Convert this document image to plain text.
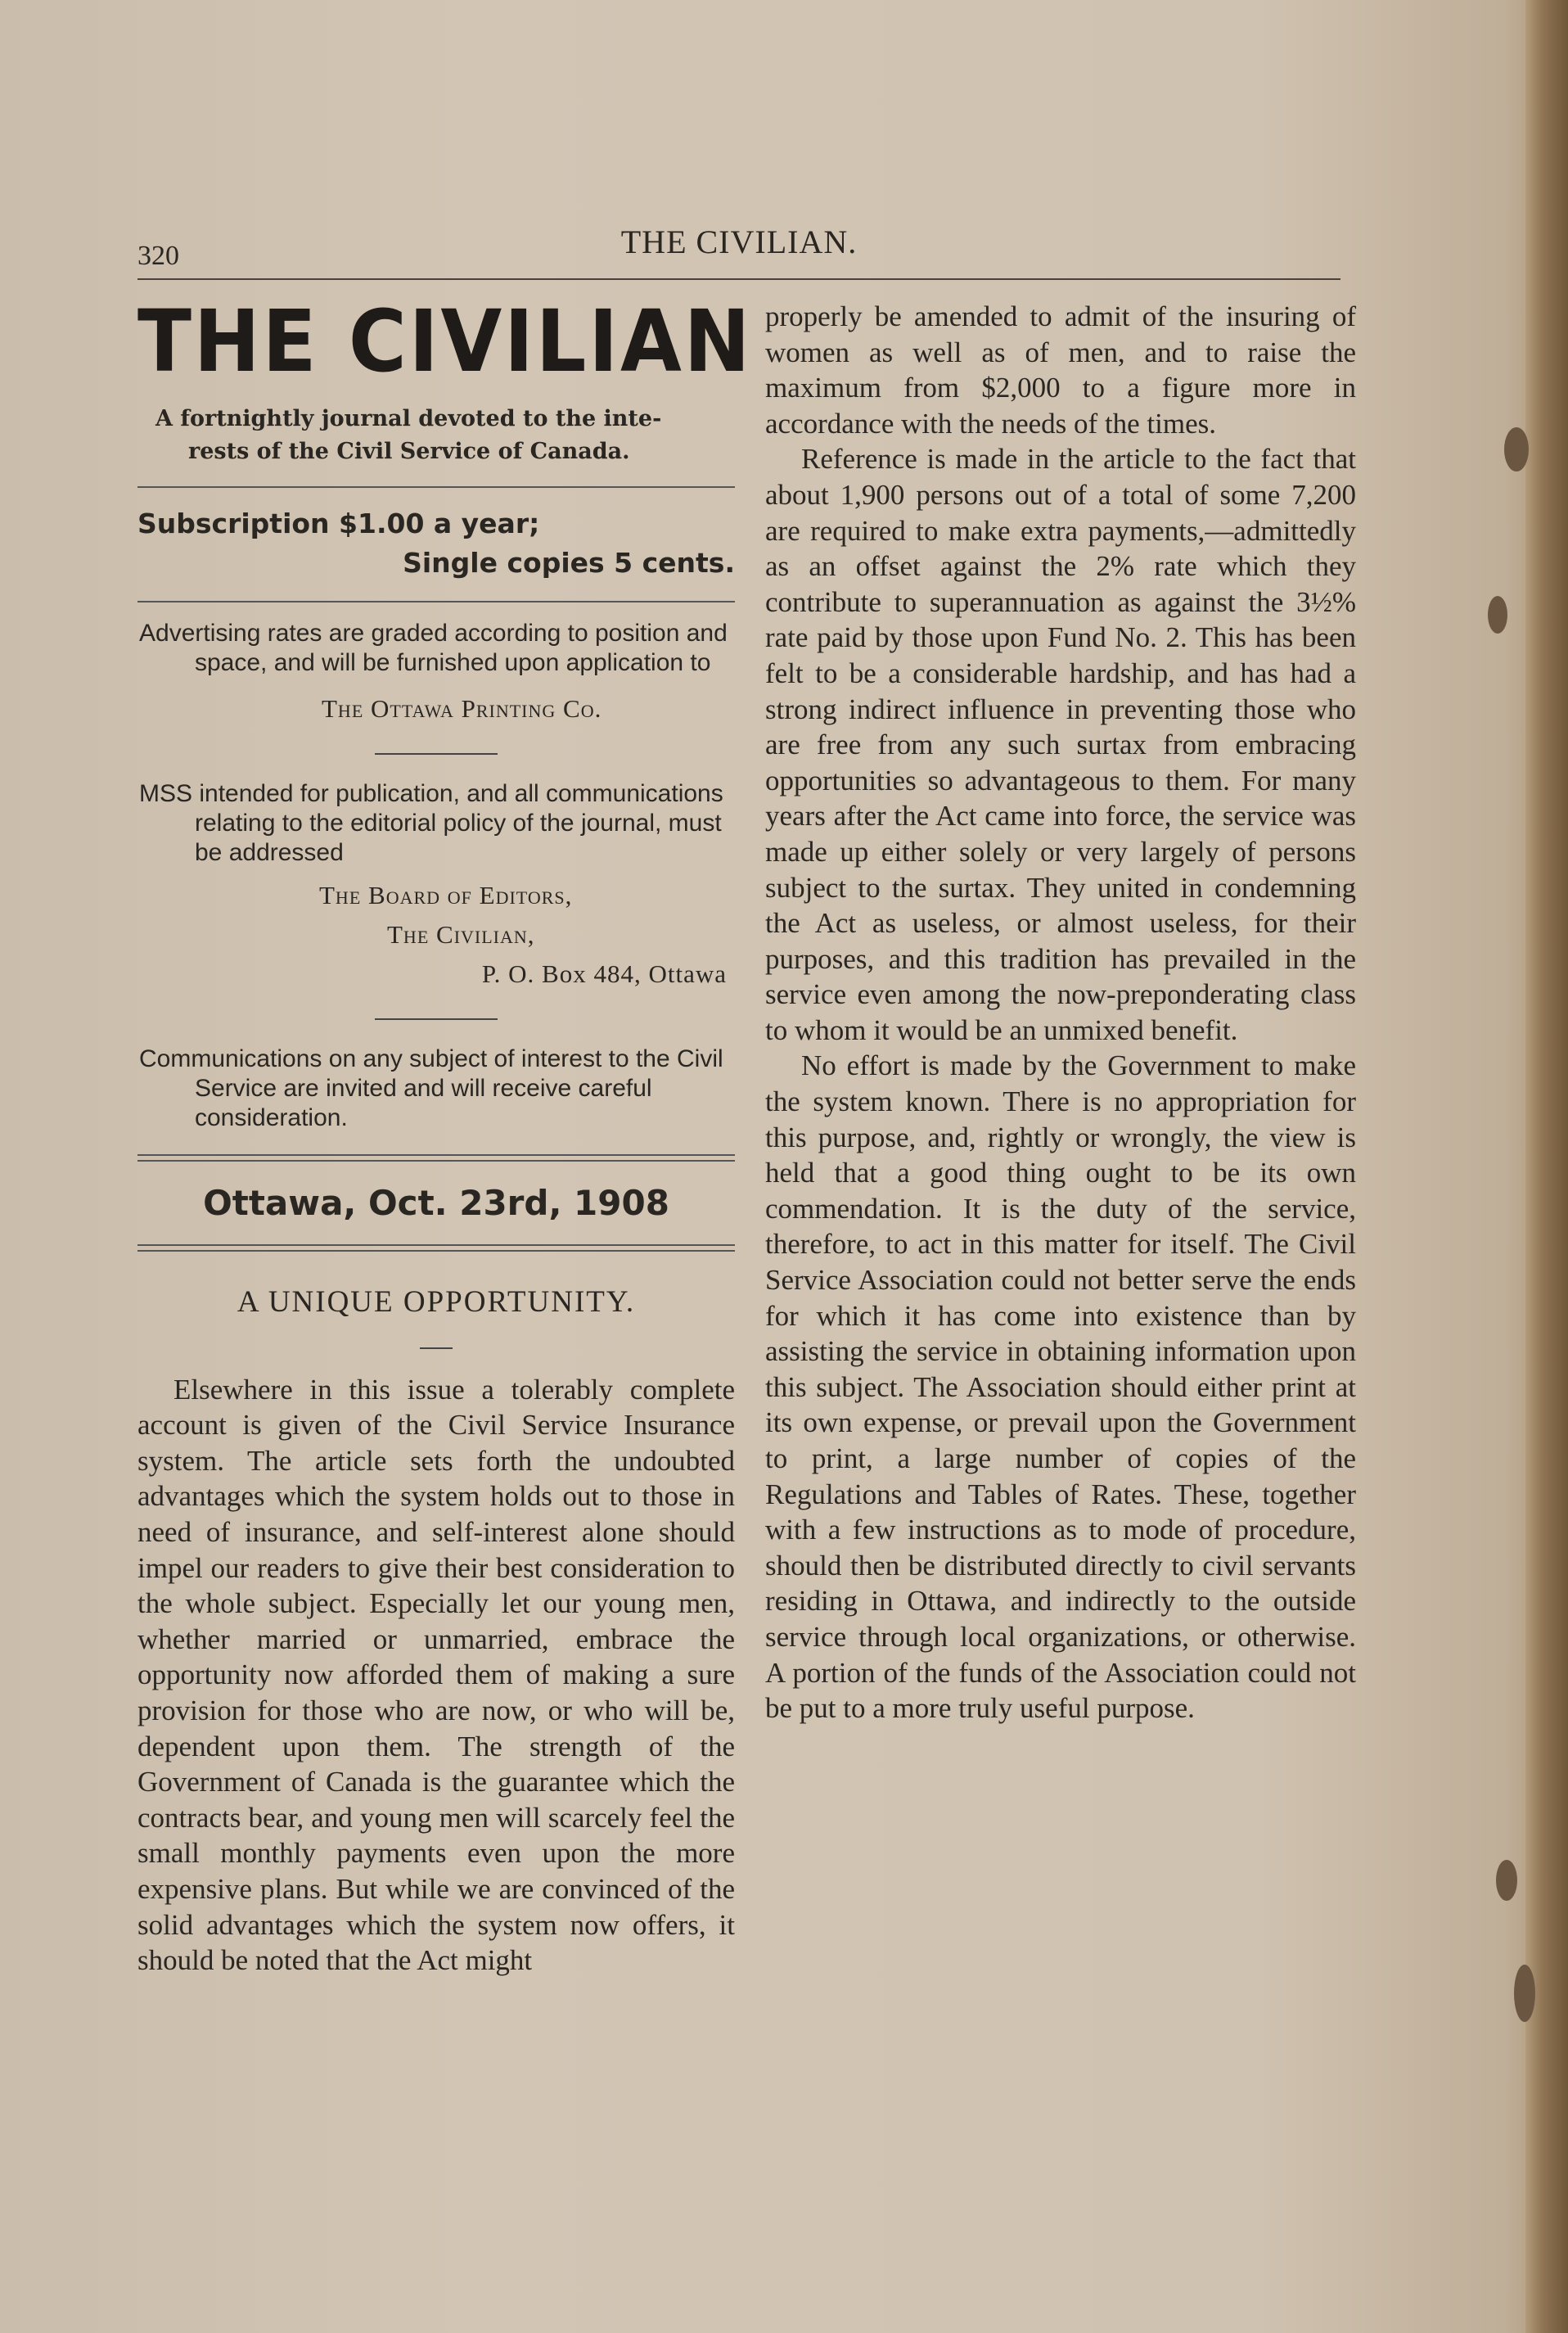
320	THE CIVILIAN.
THE CIVILIAN
A fortnightly journal devoted to the inte-
rests of the Civil Service of Canada.
Subscription $1.00 a year;
Single copies 5 cents.

Advertising rates are graded according to position and space, and will be furnished upon application to

The Ottawa Printing Co.

MSS intended for publication, and all communications relating to the editorial policy of the journal, must be addressed

The Board of Editors,
The Civilian,
P. O. Box 484, Ottawa

Communications on any subject of interest to the Civil Service are invited and will receive careful consideration.

Ottawa, Oct. 23rd, 1908
A UNIQUE OPPORTUNITY.

Elsewhere in this issue a tolerably complete account is given of the Civil Service Insurance system. The article sets forth the undoubted advantages which the system holds out to those in need of insurance, and self-interest alone should impel our readers to give their best consideration to the whole subject. Especially let our young men, whether married or unmarried, embrace the opportunity now afforded them of making a sure provision for those who are now, or who will be, dependent upon them. The strength of the Government of Canada is the guarantee which the contracts bear, and young men will scarcely feel the small monthly payments even upon the more expensive plans. But while we are convinced of the solid advantages which the system now offers, it should be noted that the Act might

properly be amended to admit of the insuring of women as well as of men, and to raise the maximum from $2,000 to a figure more in accordance with the needs of the times.

Reference is made in the article to the fact that about 1,900 persons out of a total of some 7,200 are required to make extra payments,—admittedly as an offset against the 2% rate which they contribute to superannuation as against the 3½% rate paid by those upon Fund No. 2. This has been felt to be a considerable hardship, and has had a strong indirect influence in preventing those who are free from any such surtax from embracing opportunities so advantageous to them. For many years after the Act came into force, the service was made up either solely or very largely of persons subject to the surtax. They united in condemning the Act as useless, or almost useless, for their purposes, and this tradition has prevailed in the service even among the now-preponderating class to whom it would be an unmixed benefit.

No effort is made by the Government to make the system known. There is no appropriation for this purpose, and, rightly or wrongly, the view is held that a good thing ought to be its own commendation. It is the duty of the service, therefore, to act in this matter for itself. The Civil Service Association could not better serve the ends for which it has come into existence than by assisting the service in obtaining information upon this subject. The Association should either print at its own expense, or prevail upon the Government to print, a large number of copies of the Regulations and Tables of Rates. These, together with a few instructions as to mode of procedure, should then be distributed directly to civil servants residing in Ottawa, and indirectly to the outside service through local organizations, or otherwise. A portion of the funds of the Association could not be put to a more truly useful purpose.
